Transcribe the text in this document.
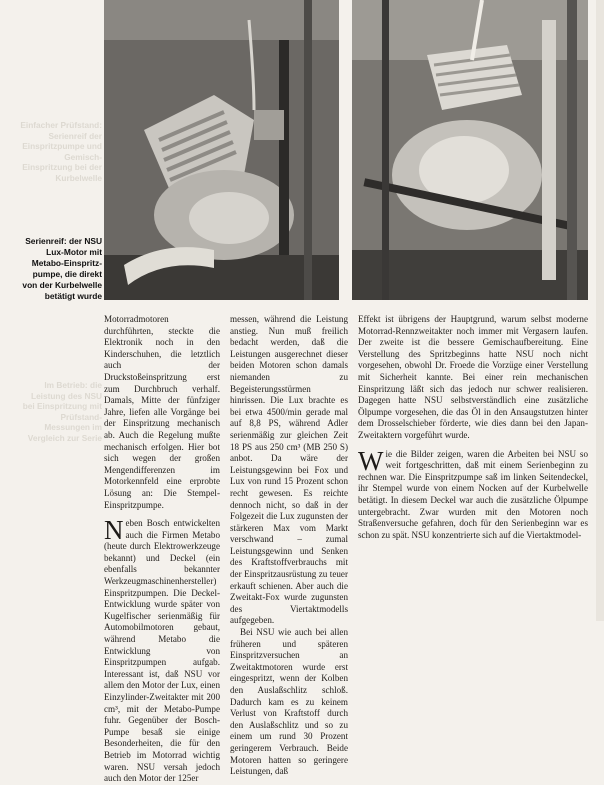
Serienreif: der NSU Lux-Motor mit Metabo-Einspritz-pumpe, die direkt von der Kurbelwelle betätigt wurde
Einfacher Prüfstand: Serienreif der Einspritzpumpe und Gemisch-Einspritzung bei der Kurbelwelle
Im Betrieb: die Leistung des NSU bei Einspritzung mit Prüfstand-Messungen im Vergleich zur Serie

Motorradmotoren durchführten, steckte die Elektronik noch in den Kinderschuhen, die letztlich auch der Druckstoßeinspritzung erst zum Durchbruch verhalf. Damals, Mitte der fünfziger Jahre, liefen alle Vorgänge bei der Einspritzung mechanisch ab. Auch die Regelung mußte mechanisch erfolgen. Hier bot sich wegen der großen Mengendifferenzen im Motorkennfeld eine erprobte Lösung an: Die Stempel-Einspritzpumpe.

Neben Bosch entwickelten auch die Firmen Metabo (heute durch Elektrowerkzeuge bekannt) und Deckel (ein ebenfalls bekannter Werkzeugmaschinenhersteller) Einspritzpumpen. Die Deckel-Entwicklung wurde später von Kugelfischer serienmäßig für Automobilmotoren gebaut, während Metabo die Entwicklung von Einspritzpumpen aufgab. Interessant ist, daß NSU vor allem den Motor der Lux, einen Einzylinder-Zweitakter mit 200 cm³, mit der Metabo-Pumpe fuhr. Gegenüber der Bosch-Pumpe besaß sie einige Besonderheiten, die für den Betrieb im Motorrad wichtig waren. NSU versah jedoch auch den Motor der 125er

messen, während die Leistung anstieg. Nun muß freilich bedacht werden, daß die Leistungen ausgerechnet dieser beiden Motoren schon damals niemanden zu Begeisterungsstürmen hinrissen. Die Lux brachte es bei etwa 4500/min gerade mal auf 8,8 PS, während Adler serienmäßig zur gleichen Zeit 18 PS aus 250 cm³ (MB 250 S) anbot. Da wäre der Leistungsgewinn bei Fox und Lux von rund 15 Prozent schon recht gewesen. Es reichte dennoch nicht, so daß in der Folgezeit die Lux zugunsten der stärkeren Max vom Markt verschwand – zumal Leistungsgewinn und Senken des Kraftstoffverbrauchs mit der Einspritzausrüstung zu teuer erkauft schienen. Aber auch die Zweitakt-Fox wurde zugunsten des Viertaktmodells aufgegeben.

Bei NSU wie auch bei allen früheren und späteren Einspritzversuchen an Zweitaktmotoren wurde erst eingespritzt, wenn der Kolben den Auslaßschlitz schloß. Dadurch kam es zu keinem Verlust von Kraftstoff durch den Auslaßschlitz und so zu einem um rund 30 Prozent geringerem Verbrauch. Beide Motoren hatten so geringere Leistungen, daß

Effekt ist übrigens der Hauptgrund, warum selbst moderne Motorrad-Rennzweitakter noch immer mit Vergasern laufen. Der zweite ist die bessere Gemischaufbereitung. Eine Verstellung des Spritzbeginns hatte NSU noch nicht vorgesehen, obwohl Dr. Froede die Vorzüge einer Verstellung mit Sicherheit kannte. Bei einer rein mechanischen Einspritzung läßt sich das jedoch nur schwer realisieren. Dagegen hatte NSU selbstverständlich eine zusätzliche Ölpumpe vorgesehen, die das Öl in den Ansaugstutzen hinter dem Drosselschieber förderte, wie dies dann bei den Japan-Zweitaktern vorgeführt wurde.

Wie die Bilder zeigen, waren die Arbeiten bei NSU so weit fortgeschritten, daß mit einem Serienbeginn zu rechnen war. Die Einspritzpumpe saß im linken Seitendeckel, ihr Stempel wurde von einem Nocken auf der Kurbelwelle betätigt. In diesem Deckel war auch die zusätzliche Ölpumpe untergebracht. Zwar wurden mit den Motoren noch Straßenversuche gefahren, doch für den Serienbeginn war es schon zu spät. NSU konzentrierte sich auf die Viertaktmodel-
